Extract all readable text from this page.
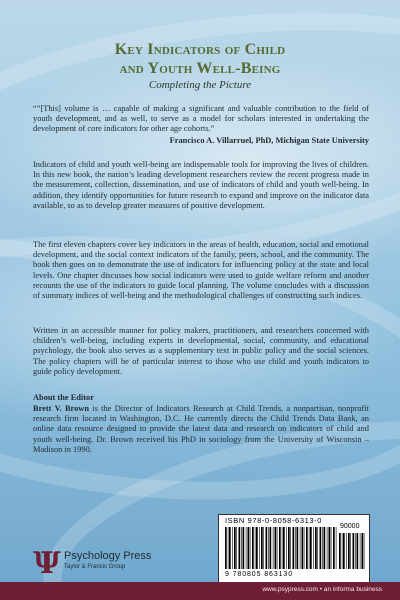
Key Indicators of Child
and Youth Well-Being
Completing the Picture
“”[This] volume is … capable of making a significant and valuable contribution to the field of youth development, and as well, to serve as a model for scholars interested in undertaking the development of core indicators for other age cohorts.”
Francisco A. Villarruel, PhD, Michigan State University
Indicators of child and youth well-being are indispensable tools for improving the lives of children. In this new book, the nation’s leading development researchers review the recent progress made in the measurement, collection, dissemination, and use of indicators of child and youth well-being. In addition, they identify opportunities for future research to expand and improve on the indicator data available, so as to develop greater measures of positive development.
The first eleven chapters cover key indicators in the areas of health, education, social and emotional development, and the social context indicators of the family, peers, school, and the community. The book then goes on to demonstrate the use of indicators for influencing policy at the state and local levels. One chapter discusses how social indicators were used to guide welfare reform and another recounts the use of the indicators to guide local planning. The volume concludes with a discussion of summary indices of well-being and the methodological challenges of constructing such indices.
Written in an accessible manner for policy makers, practitioners, and researchers concerned with children’s well-being, including experts in developmental, social, community, and educational psychology, the book also serves as a supplementary text in public policy and the social sciences. The policy chapters will be of particular interest to those who use child and youth indicators to guide policy development.
About the Editor
Brett V. Brown is the Director of Indicators Research at Child Trends, a nonpartisan, nonprofit research firm located in Washington, D.C. He currently directs the Child Trends Data Bank, an online data resource designed to provide the latest data and research on indicators of child and youth well-being. Dr. Brown received his PhD in sociology from the University of Wisconsin – Madison in 1990.
ISBN 978-0-8058-6313-0
90000
9 780805 863130
Ψ Psychology Press
Taylor & Francis Group
www.psypress.com • an informa business
